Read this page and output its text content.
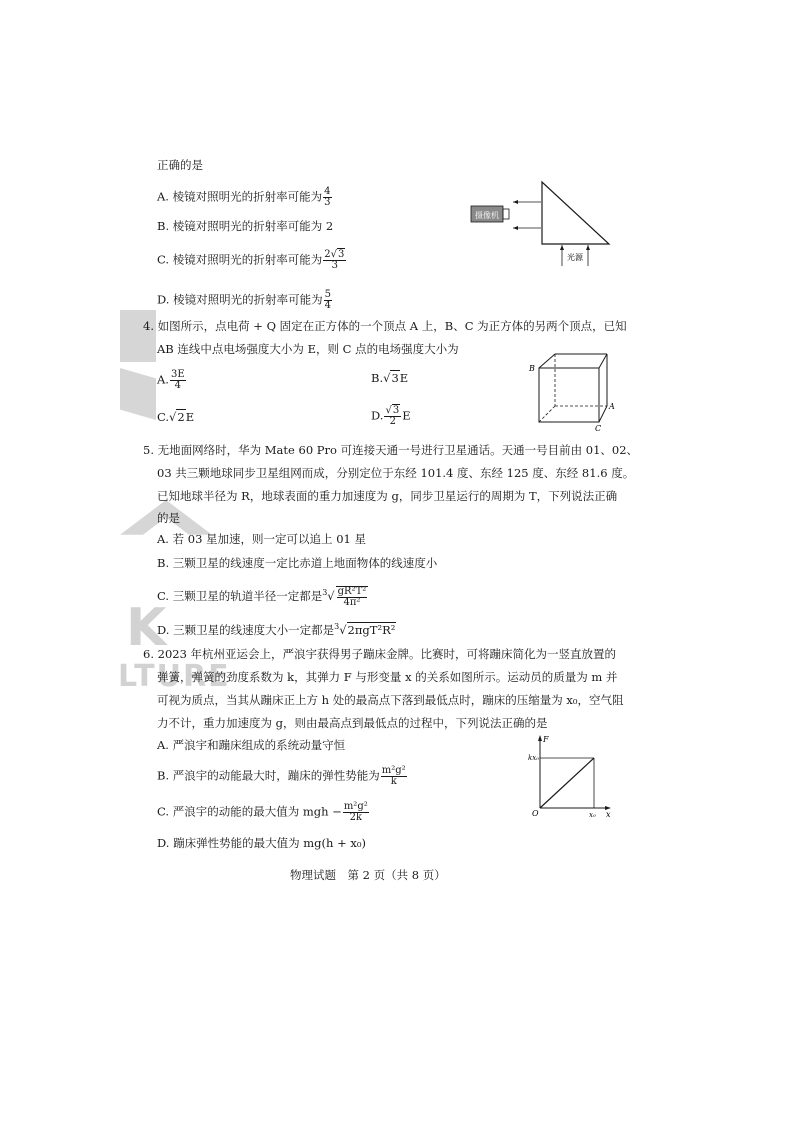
K
LTURE
正确的是
A. 棱镜对照明光的折射率可能为 $\frac{4}{3}$
B. 棱镜对照明光的折射率可能为 2
C. 棱镜对照明光的折射率可能为 $\frac{2√3}{3}$
D. 棱镜对照明光的折射率可能为 $\frac{5}{4}$
摄像机
光源
4. 如图所示，点电荷 + Q 固定在正方体的一个顶点 A 上，B、C 为正方体的另两个顶点，已知
AB 连线中点电场强度大小为 E，则 C 点的电场强度大小为
A. $\frac{3E}{4}$	B.√3E
C.√2E	D. $\frac{√3}{2}$ E
B
A
C
5. 无地面网络时，华为 Mate 60 Pro 可连接天通一号进行卫星通话。天通一号目前由 01、02、
03 共三颗地球同步卫星组网而成，分别定位于东经 101.4 度、东经 125 度、东经 81.6 度。
已知地球半径为 R，地球表面的重力加速度为 g，同步卫星运行的周期为 T，下列说法正确
的是
A. 若 03 星加速，则一定可以追上 01 星
B. 三颗卫星的线速度一定比赤道上地面物体的线速度小
C. 三颗卫星的轨道半径一定都是$^3√ \frac{\text{gR²T²}}{\text{4π²}}$
D. 三颗卫星的线速度大小一定都是$^3$√2πgT²R²
6. 2023 年杭州亚运会上，严浪宇获得男子蹦床金牌。比赛时，可将蹦床简化为一竖直放置的
弹簧，弹簧的劲度系数为 k，其弹力 F 与形变量 x 的关系如图所示。运动员的质量为 m 并
可视为质点，当其从蹦床正上方 h 处的最高点下落到最低点时，蹦床的压缩量为 x₀，空气阻
力不计，重力加速度为 g，则由最高点到最低点的过程中，下列说法正确的是
A. 严浪宇和蹦床组成的系统动量守恒
B. 严浪宇的动能最大时，蹦床的弹性势能为 $\frac{\text{m²g²}}{k}$
C. 严浪宇的动能的最大值为 mgh − $\frac{\text{m²g²}}{2k}$
D. 蹦床弹性势能的最大值为 mg(h + x₀)
F
kx₀
O	x₀ x
物理试题　第 2 页（共 8 页）
